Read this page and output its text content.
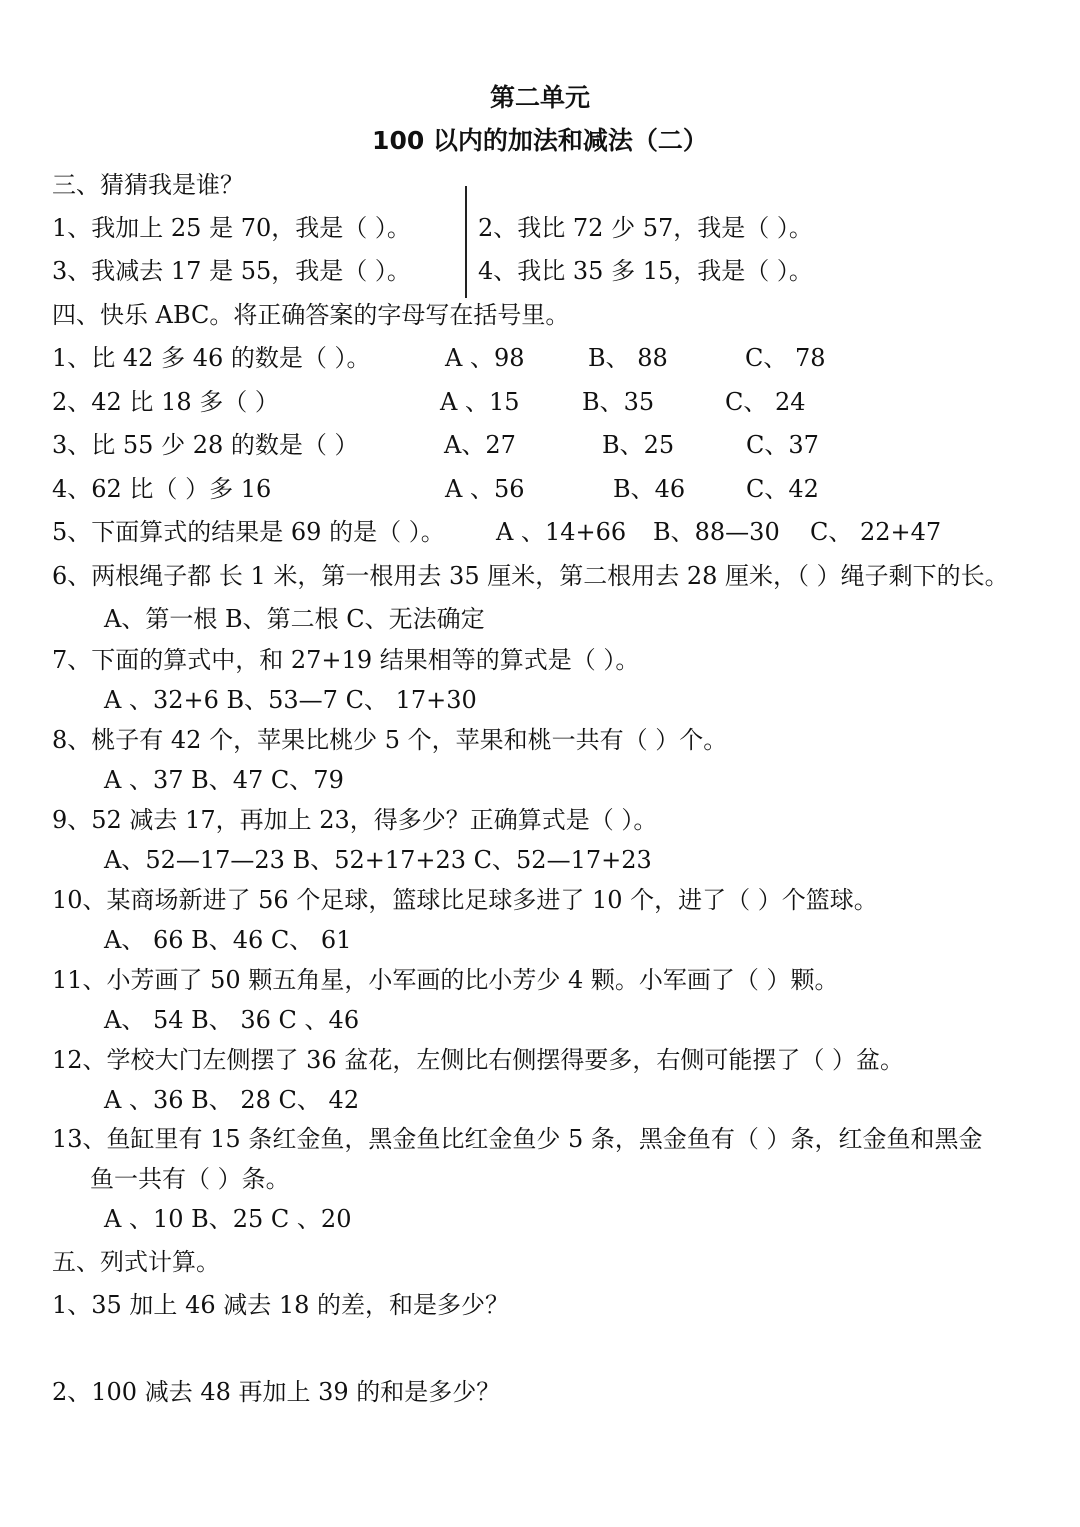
第二单元
100 以内的加法和减法（二）
三、猜猜我是谁？
1、我加上 25 是 70，我是（ ）。	2、我比 72 少 57，我是（ ）。
3、我减去 17 是 55，我是（ ）。	4、我比 35 多 15，我是（ ）。
四、快乐 ABC。将正确答案的字母写在括号里。
1、比 42 多 46 的数是（ ）。	A 、98	B、 88	C、 78
2、42 比 18 多（ ）	A 、15	B、35	C、 24
3、比 55 少 28 的数是（ ）	A、27	B、25	C、37
4、62 比（ ）多 16	A 、56	B、46	C、42
5、下面算式的结果是 69 的是（ ）。 A 、14+66 B、88—30 C、 22+47
6、两根绳子都 长 1 米，第一根用去 35 厘米，第二根用去 28 厘米，（ ）绳子剩下的长。
A、第一根 B、第二根 C、无法确定
7、下面的算式中，和 27+19 结果相等的算式是（ ）。
A 、32+6 B、53—7 C、 17+30
8、桃子有 42 个，苹果比桃少 5 个，苹果和桃一共有（ ）个。
A 、37 B、47 C、79
9、52 减去 17，再加上 23，得多少？正确算式是（ ）。
A、52—17—23 B、52+17+23 C、52—17+23
10、某商场新进了 56 个足球，篮球比足球多进了 10 个，进了（ ）个篮球。
A、 66 B、46 C、 61
11、小芳画了 50 颗五角星，小军画的比小芳少 4 颗。小军画了（ ）颗。
A、 54 B、 36 C 、46
12、学校大门左侧摆了 36 盆花，左侧比右侧摆得要多，右侧可能摆了（ ）盆。
A 、36 B、 28 C、 42
13、鱼缸里有 15 条红金鱼，黑金鱼比红金鱼少 5 条，黑金鱼有（ ）条，红金鱼和黑金
鱼一共有（ ）条。
A 、10 B、25 C 、20
五、列式计算。
1、35 加上 46 减去 18 的差，和是多少？
2、100 减去 48 再加上 39 的和是多少？
